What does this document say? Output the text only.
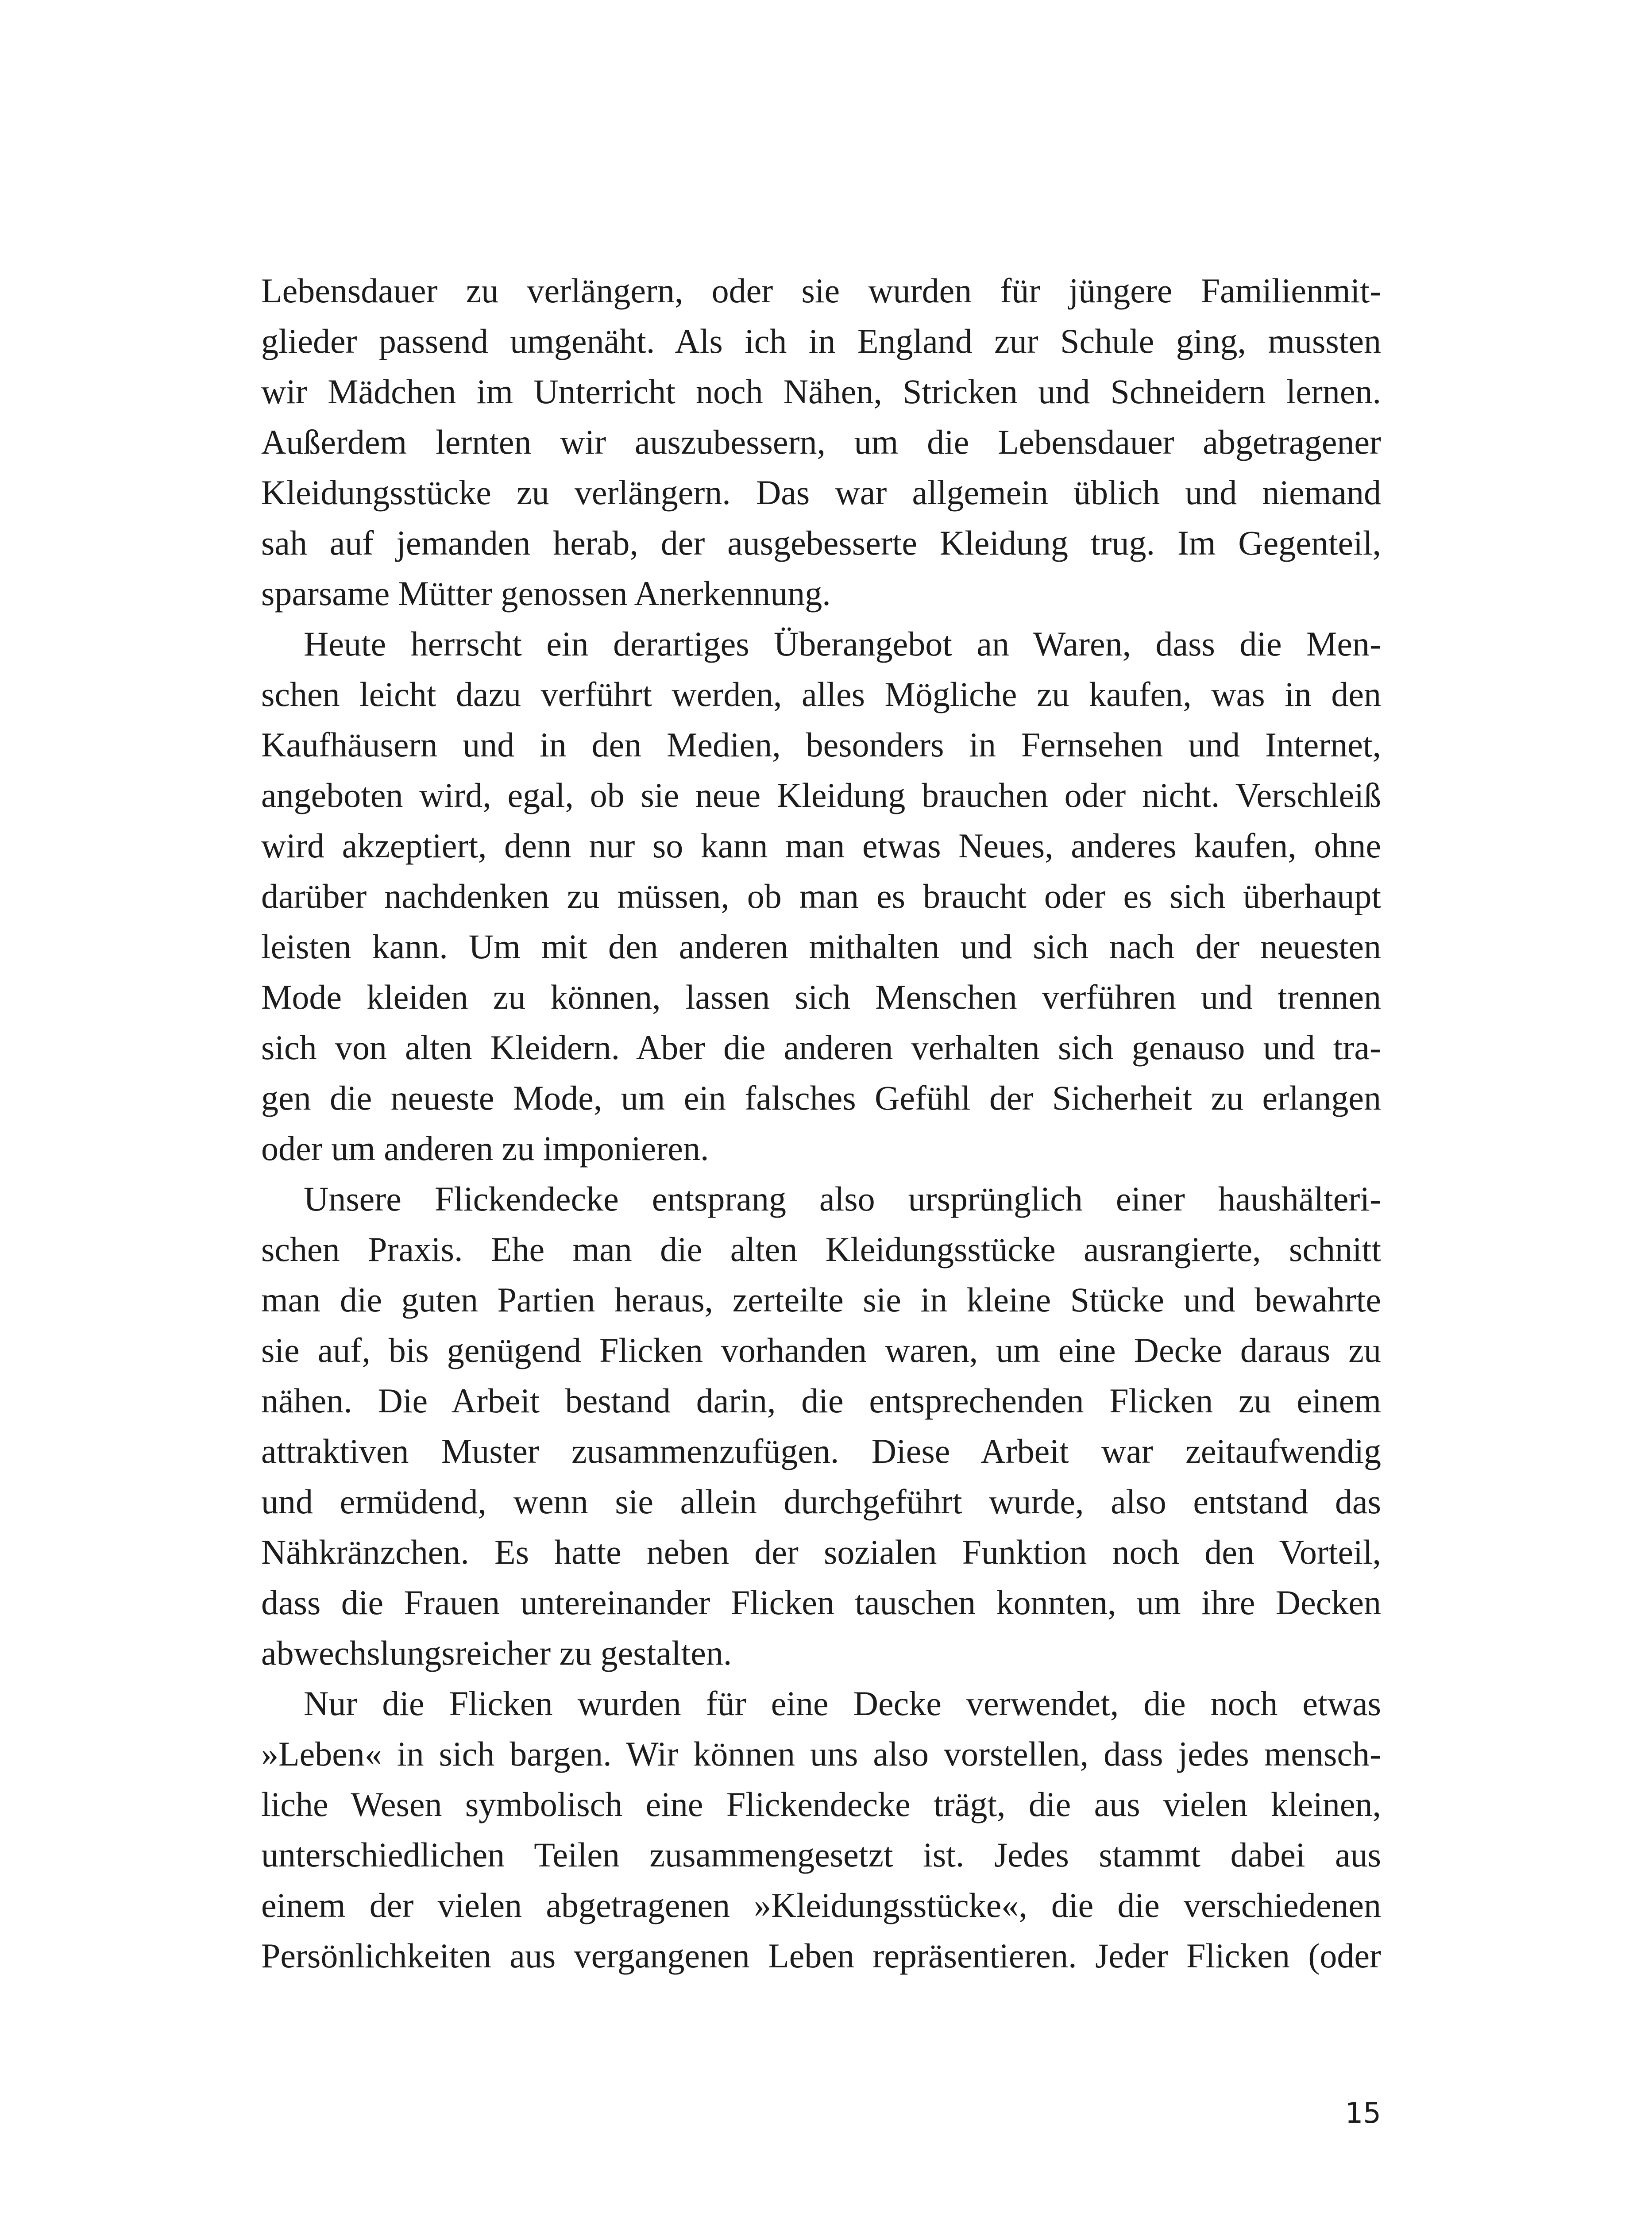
Lebensdauer zu verlängern, oder sie wurden für jüngere Familienmit-
glieder passend umgenäht. Als ich in England zur Schule ging, mussten
wir Mädchen im Unterricht noch Nähen, Stricken und Schneidern lernen.
Außerdem lernten wir auszubessern, um die Lebensdauer abgetragener
Kleidungsstücke zu verlängern. Das war allgemein üblich und niemand
sah auf jemanden herab, der ausgebesserte Kleidung trug. Im Gegenteil,
sparsame Mütter genossen Anerkennung.
Heute herrscht ein derartiges Überangebot an Waren, dass die Men-
schen leicht dazu verführt werden, alles Mögliche zu kaufen, was in den
Kaufhäusern und in den Medien, besonders in Fernsehen und Internet,
angeboten wird, egal, ob sie neue Kleidung brauchen oder nicht. Verschleiß
wird akzeptiert, denn nur so kann man etwas Neues, anderes kaufen, ohne
darüber nachdenken zu müssen, ob man es braucht oder es sich überhaupt
leisten kann. Um mit den anderen mithalten und sich nach der neuesten
Mode kleiden zu können, lassen sich Menschen verführen und trennen
sich von alten Kleidern. Aber die anderen verhalten sich genauso und tra-
gen die neueste Mode, um ein falsches Gefühl der Sicherheit zu erlangen
oder um anderen zu imponieren.
Unsere Flickendecke entsprang also ursprünglich einer haushälteri-
schen Praxis. Ehe man die alten Kleidungsstücke ausrangierte, schnitt
man die guten Partien heraus, zerteilte sie in kleine Stücke und bewahrte
sie auf, bis genügend Flicken vorhanden waren, um eine Decke daraus zu
nähen. Die Arbeit bestand darin, die entsprechenden Flicken zu einem
attraktiven Muster zusammenzufügen. Diese Arbeit war zeitaufwendig
und ermüdend, wenn sie allein durchgeführt wurde, also entstand das
Nähkränzchen. Es hatte neben der sozialen Funktion noch den Vorteil,
dass die Frauen untereinander Flicken tauschen konnten, um ihre Decken
abwechslungsreicher zu gestalten.
Nur die Flicken wurden für eine Decke verwendet, die noch etwas
»Leben« in sich bargen. Wir können uns also vorstellen, dass jedes mensch-
liche Wesen symbolisch eine Flickendecke trägt, die aus vielen kleinen,
unterschiedlichen Teilen zusammengesetzt ist. Jedes stammt dabei aus
einem der vielen abgetragenen »Kleidungsstücke«, die die verschiedenen
Persönlichkeiten aus vergangenen Leben repräsentieren. Jeder Flicken (oder
15
